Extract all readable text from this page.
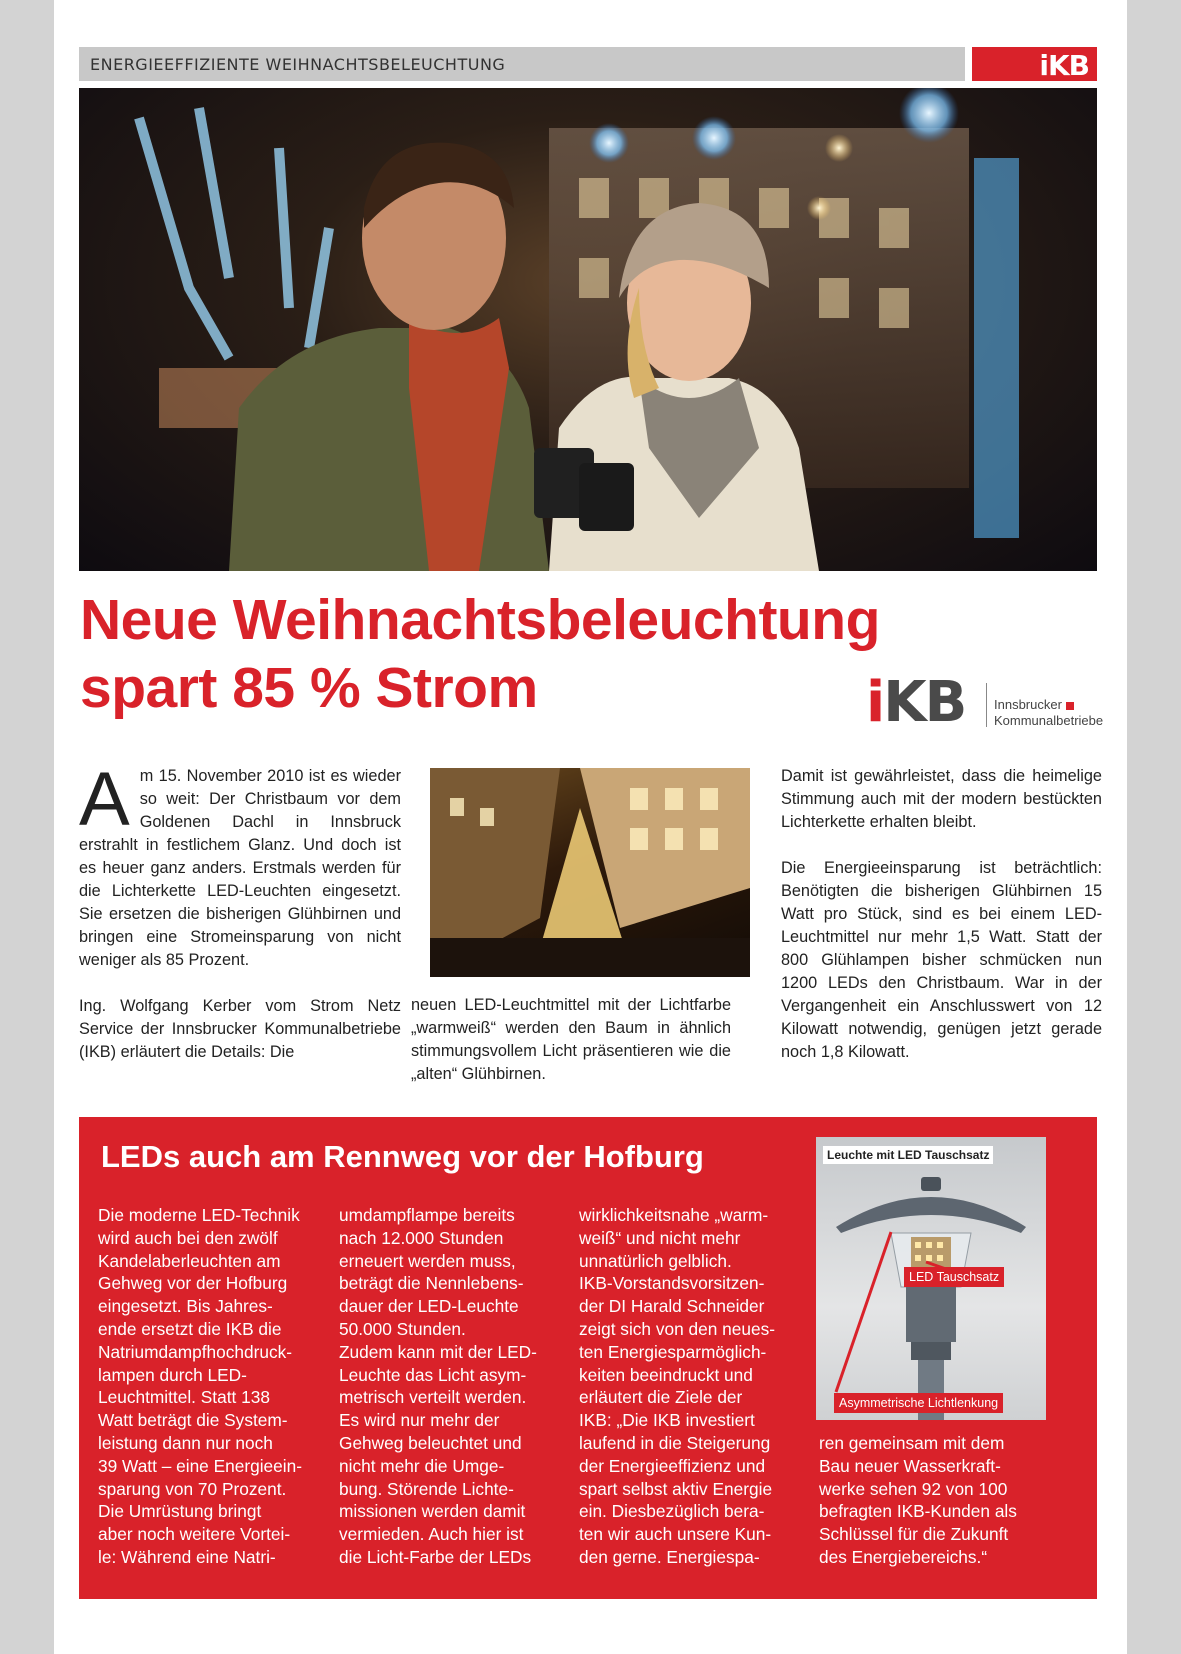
ENERGIEEFFIZIENTE WEIHNACHTSBELEUCHTUNG	iKB
Neue Weihnachtsbeleuchtung
spart 85 % Strom	iKB Innsbrucker
Kommunalbetriebe

Am 15. November 2010 ist es wieder so weit: Der Christbaum vor dem Goldenen Dachl in Innsbruck erstrahlt in festlichem Glanz. Und doch ist es heuer ganz anders. Erstmals werden für die Lichterkette LED-Leuchten eingesetzt. Sie ersetzen die bisherigen Glühbirnen und bringen eine Stromeinsparung von nicht weniger als 85 Prozent.

Ing. Wolfgang Kerber vom Strom Netz Service der Innsbrucker Kommunalbetriebe (IKB) erläutert die Details: Die

neuen LED-Leuchtmittel mit der Lichtfarbe „warmweiß“ werden den Baum in ähnlich stimmungsvollem Licht präsentieren wie die „alten“ Glühbirnen.

Damit ist gewährleistet, dass die heimelige Stimmung auch mit der modern bestückten Lichterkette erhalten bleibt.

Die Energieeinsparung ist beträchtlich: Benötigten die bisherigen Glühbirnen 15 Watt pro Stück, sind es bei einem LED-Leuchtmittel nur mehr 1,5 Watt. Statt der 800 Glühlampen bisher schmücken nun 1200 LEDs den Christbaum. War in der Vergangenheit ein Anschlusswert von 12 Kilowatt notwendig, genügen jetzt gerade noch 1,8 Kilowatt.

LEDs auch am Rennweg vor der Hofburg
Die moderne LED-Technik
wird auch bei den zwölf
Kandelaberleuchten am
Gehweg vor der Hofburg
eingesetzt. Bis Jahres-
ende ersetzt die IKB die
Natriumdampfhochdruck-
lampen durch LED-
Leuchtmittel. Statt 138
Watt beträgt die System-
leistung dann nur noch
39 Watt – eine Energieein-
sparung von 70 Prozent.
Die Umrüstung bringt
aber noch weitere Vortei-
le: Während eine Natri-
umdampflampe bereits
nach 12.000 Stunden
erneuert werden muss,
beträgt die Nennlebens-
dauer der LED-Leuchte
50.000 Stunden.
Zudem kann mit der LED-
Leuchte das Licht asym-
metrisch verteilt werden.
Es wird nur mehr der
Gehweg beleuchtet und
nicht mehr die Umge-
bung. Störende Lichte-
missionen werden damit
vermieden. Auch hier ist
die Licht-Farbe der LEDs
wirklichkeitsnahe „warm-
weiß“ und nicht mehr
unnatürlich gelblich.
IKB-Vorstandsvorsitzen-
der DI Harald Schneider
zeigt sich von den neues-
ten Energiesparmöglich-
keiten beeindruckt und
erläutert die Ziele der
IKB: „Die IKB investiert
laufend in die Steigerung
der Energieeffizienz und
spart selbst aktiv Energie
ein. Diesbezüglich bera-
ten wir auch unsere Kun-
den gerne. Energiespa-
ren gemeinsam mit dem
Bau neuer Wasserkraft-
werke sehen 92 von 100
befragten IKB-Kunden als
Schlüssel für die Zukunft
des Energiebereichs.“
Leuchte mit LED Tauschsatz
LED Tauschsatz
Asymmetrische Lichtlenkung
